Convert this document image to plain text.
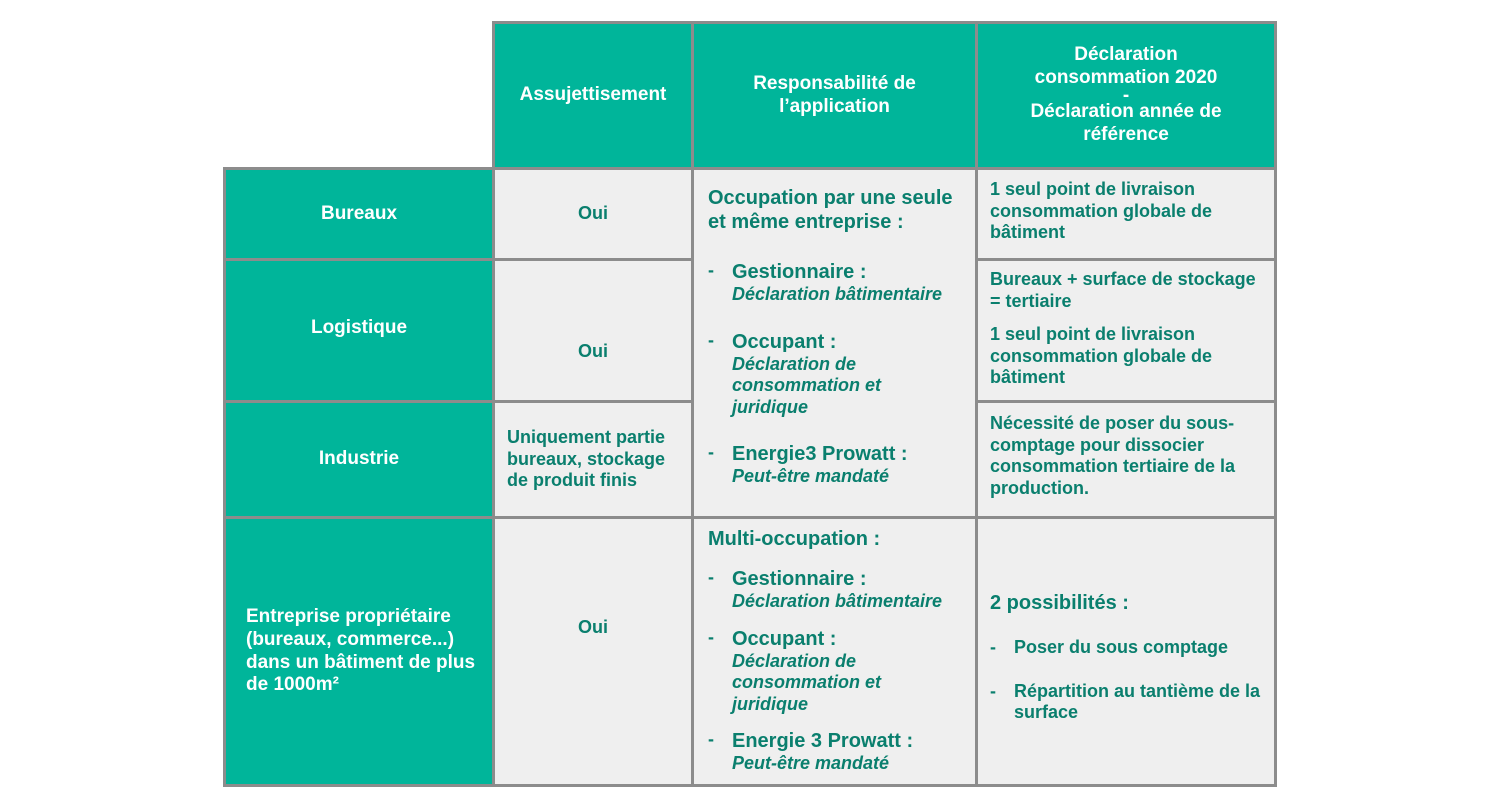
Assujettisement
Responsabilité de l’application
Déclaration
consommation 2020
-
Déclaration année de référence
Bureaux
Logistique
Industrie
Entreprise propriétaire (bureaux, commerce...) dans un bâtiment de plus de 1000m²
Oui
Oui
Uniquement partie bureaux, stockage de produit finis
Oui

Occupation par une seule et même entreprise :

- Gestionnaire :
Déclaration bâtimentaire
- Occupant :
Déclaration de consommation et juridique
- Energie3 Prowatt :
Peut-être mandaté

Multi-occupation :

- Gestionnaire :
Déclaration bâtimentaire
- Occupant :
Déclaration de consommation et juridique
- Energie 3 Prowatt :
Peut-être mandaté
1 seul point de livraison consommation globale de bâtiment
Bureaux + surface de stockage = tertiaire
1 seul point de livraison consommation globale de bâtiment
Nécessité de poser du sous-comptage pour dissocier consommation tertiaire de la production.
2 possibilités :
-	Poser du sous comptage
-	Répartition au tantième de la surface
